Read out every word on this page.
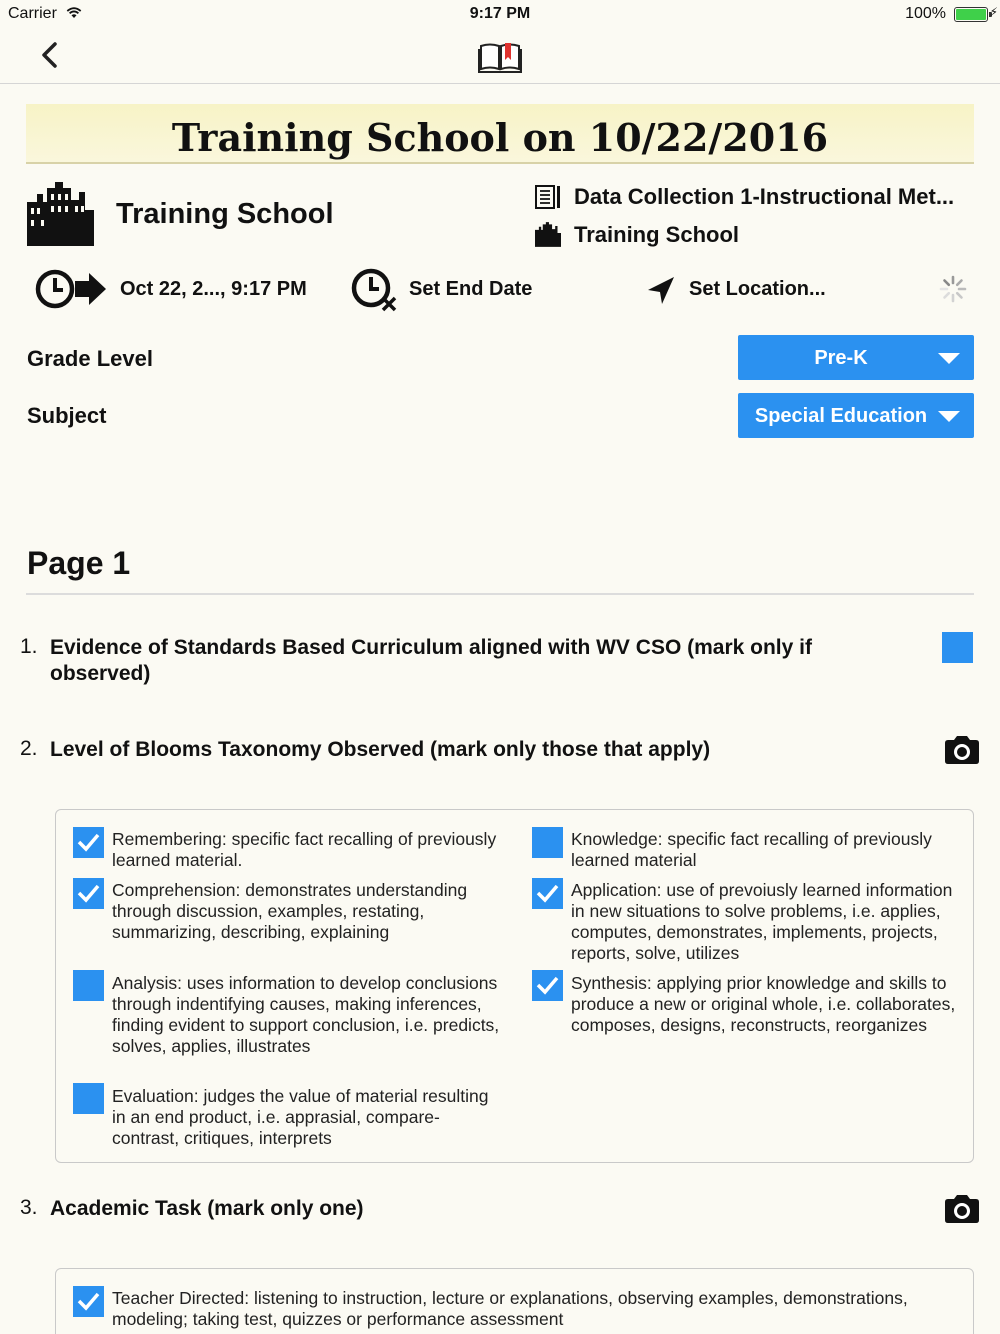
Carrier	9:17 PM	100%	⚡
Training School on 10/22/2016
Training School
Data Collection 1-Instructional Met...
Training School
Oct 22, 2..., 9:17 PM	Set End Date	Set Location...
Grade Level	Pre-K
Subject	Special Education
Page 1
1. Evidence of Standards Based Curriculum aligned with WV CSO (mark only if observed)
2. Level of Blooms Taxonomy Observed (mark only those that apply)
Remembering: specific fact recalling of previously learned material.
Comprehension: demonstrates understanding through discussion, examples, restating, summarizing, describing, explaining
Analysis: uses information to develop conclusions through indentifying causes, making inferences, finding evident to support conclusion, i.e. predicts, solves, applies, illustrates
Evaluation: judges the value of material resulting in an end product, i.e. apprasial, compare-contrast, critiques, interprets
Knowledge: specific fact recalling of previously learned material
Application: use of prevoiusly learned information in new situations to solve problems, i.e. applies, computes, demonstrates, implements, projects, reports, solve, utilizes
Synthesis: applying prior knowledge and skills to produce a new or original whole, i.e. collaborates, composes, designs, reconstructs, reorganizes
3. Academic Task (mark only one)
Teacher Directed: listening to instruction, lecture or explanations, observing examples, demonstrations, modeling; taking test, quizzes or performance assessment
